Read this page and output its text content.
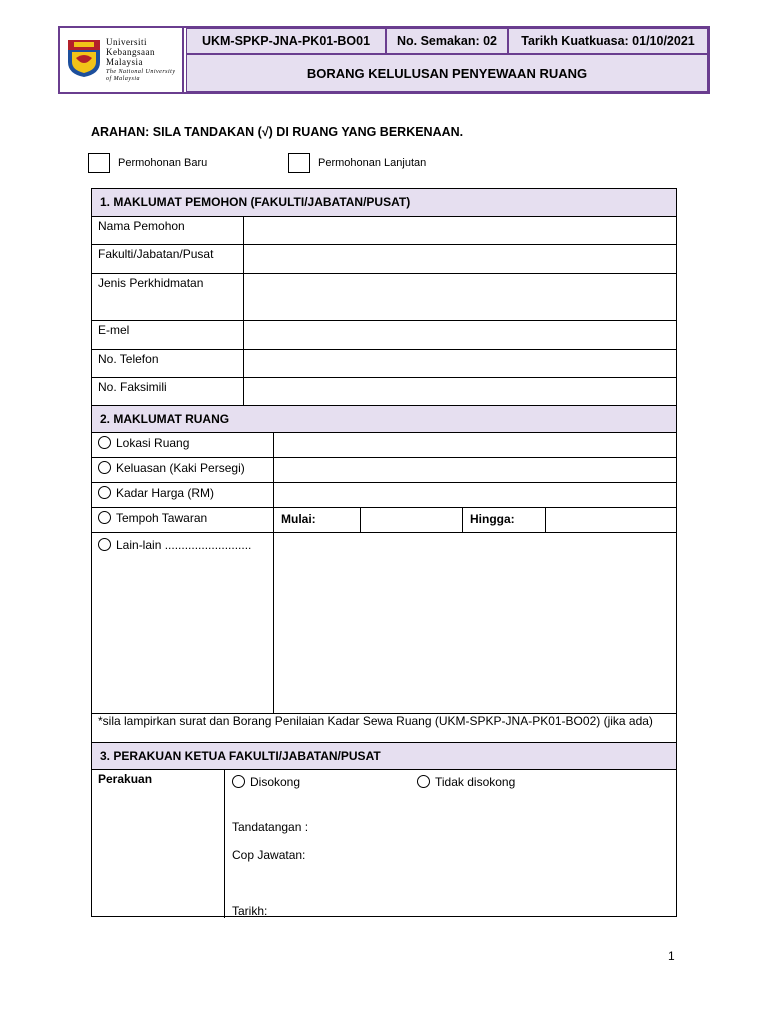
Universiti
Kebangsaan
Malaysia
The National University
of Malaysia
UKM-SPKP-JNA-PK01-BO01	No. Semakan: 02	Tarikh Kuatkuasa: 01/10/2021
BORANG KELULUSAN PENYEWAAN RUANG
ARAHAN: SILA TANDAKAN (√) DI RUANG YANG BERKENAAN.
Permohonan Baru	Permohonan Lanjutan
1. MAKLUMAT PEMOHON (FAKULTI/JABATAN/PUSAT)
Nama Pemohon
Fakulti/Jabatan/Pusat
Jenis Perkhidmatan
E-mel
No. Telefon
No. Faksimili
2. MAKLUMAT RUANG
Lokasi Ruang
Keluasan (Kaki Persegi)
Kadar Harga (RM)
Tempoh Tawaran	Mulai:	Hingga:
Lain-lain ..........................
*sila lampirkan surat dan Borang Penilaian Kadar Sewa Ruang (UKM-SPKP-JNA-PK01-BO02) (jika ada)
3. PERAKUAN KETUA FAKULTI/JABATAN/PUSAT
Perakuan	Disokong	Tidak disokong
Tandatangan :
Cop Jawatan:
Tarikh:
1
